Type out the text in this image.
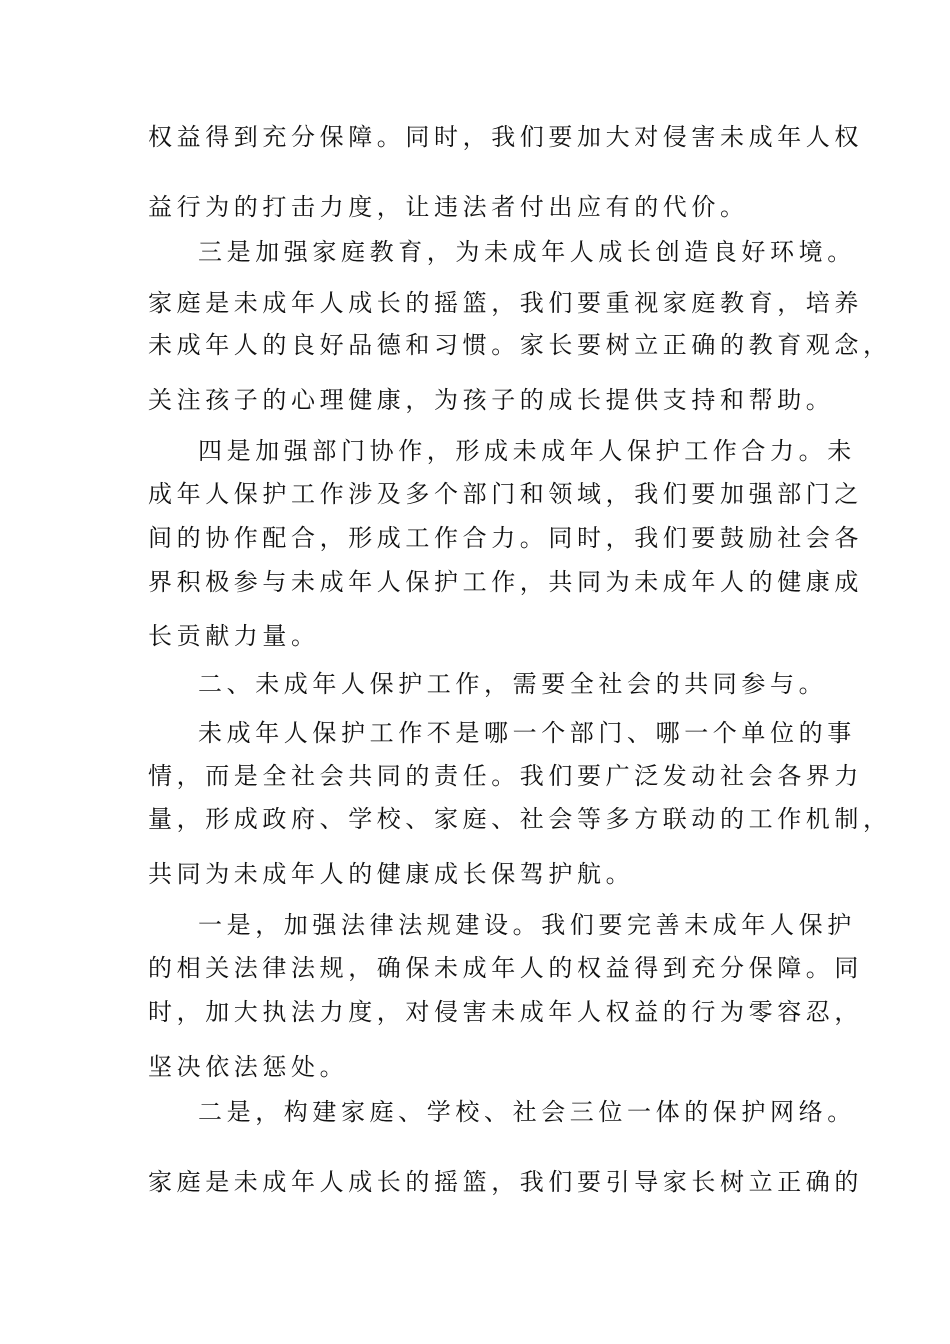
权益得到充分保障。同时，我们要加大对侵害未成年人权

益行为的打击力度，让违法者付出应有的代价。

三是加强家庭教育，为未成年人成长创造良好环境。

家庭是未成年人成长的摇篮，我们要重视家庭教育，培养

未成年人的良好品德和习惯。家长要树立正确的教育观念，

关注孩子的心理健康，为孩子的成长提供支持和帮助。

四是加强部门协作，形成未成年人保护工作合力。未

成年人保护工作涉及多个部门和领域，我们要加强部门之

间的协作配合，形成工作合力。同时，我们要鼓励社会各

界积极参与未成年人保护工作，共同为未成年人的健康成

长贡献力量。

二、未成年人保护工作，需要全社会的共同参与。

未成年人保护工作不是哪一个部门、哪一个单位的事

情，而是全社会共同的责任。我们要广泛发动社会各界力

量，形成政府、学校、家庭、社会等多方联动的工作机制，

共同为未成年人的健康成长保驾护航。

一是，加强法律法规建设。我们要完善未成年人保护

的相关法律法规，确保未成年人的权益得到充分保障。同

时，加大执法力度，对侵害未成年人权益的行为零容忍，

坚决依法惩处。

二是，构建家庭、学校、社会三位一体的保护网络。

家庭是未成年人成长的摇篮，我们要引导家长树立正确的
